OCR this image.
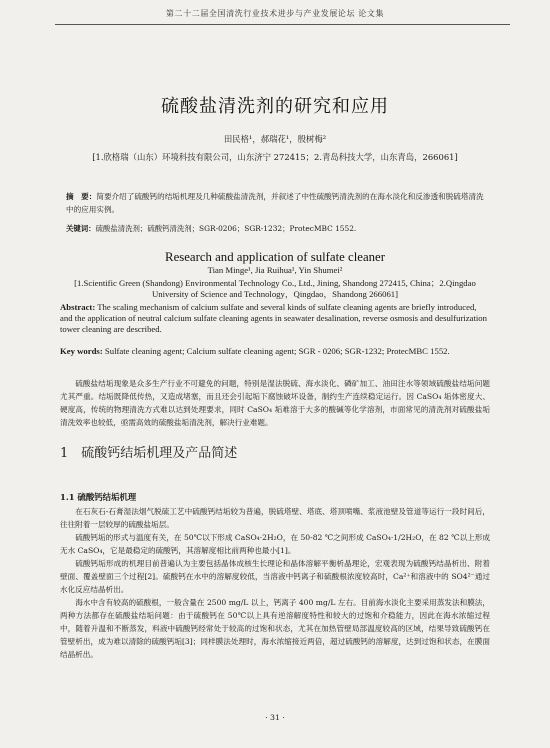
第二十二届全国清洗行业技术进步与产业发展论坛 论文集
硫酸盐清洗剂的研究和应用
田民格¹，郝瑞花¹，殷树梅²
[1.欣格瑞（山东）环境科技有限公司，山东济宁 272415；2.青岛科技大学，山东青岛，266061]
摘　要：简要介绍了硫酸钙的结垢机理及几种硫酸盐清洗剂，并叙述了中性硫酸钙清洗剂的在海水淡化和反渗透和脱硫塔清洗中的应用实例。
关键词：硫酸盐清洗剂；硫酸钙清洗剂；SGR-0206；SGR-1232；ProtecMBC 1552.
Research and application of sulfate cleaner
Tian Minge¹, Jia Ruihua¹, Yin Shumei²
[1.Scientific Green (Shandong) Environmental Technology Co., Ltd., Jining, Shandong 272415, China；2.Qingdao University of Science and Technology，Qingdao，Shandong 266061]
Abstract: The scaling mechanism of calcium sulfate and several kinds of sulfate cleaning agents are briefly introduced, and the application of neutral calcium sulfate cleaning agents in seawater desalination, reverse osmosis and desulfurization tower cleaning are described.
Key words: Sulfate cleaning agent; Calcium sulfate cleaning agent; SGR - 0206; SGR-1232; ProtecMBC 1552.

硫酸盐结垢现象是众多生产行业不可避免的问题，特别是湿法脱硫、海水淡化、磷矿加工、油田注水等领域硫酸盐结垢问题尤其严重。结垢既降低传热，又造成堵塞，而且还会引起垢下腐蚀破坏设备，制约生产连续稳定运行。因 CaSO₄ 垢体密度大、硬度高，传统的物理清洗方式难以达到处理要求，同时 CaSO₄ 垢难溶于大多的酸碱等化学溶剂，市面常见的清洗剂对硫酸盐垢清洗效率也较低，亟需高效的硫酸盐垢清洗剂，解决行业难题。

1　硫酸钙结垢机理及产品简述
1.1 硫酸钙结垢机理

在石灰石-石膏湿法烟气脱硫工艺中硫酸钙结垢较为普遍，脱硫塔壁、塔底、塔顶喷嘴、浆液池壁及管道等运行一段时间后，往往附着一层较厚的硫酸盐垢层。

硫酸钙垢的形式与温度有关，在 50℃以下形成 CaSO₄·2H₂O，在 50-82 ℃之间形成 CaSO₄·1/2H₂O，在 82 ℃以上形成无水 CaSO₄，它是最稳定的硫酸钙，其溶解度相比前两种也最小[1]。

硫酸钙垢形成的机理目前普遍认为主要包括晶体成核生长理论和晶体溶解平衡析晶理论，宏观表现为硫酸钙结晶析出、附着壁面、覆盖壁面三个过程[2]。硫酸钙在水中的溶解度较低，当溶液中钙离子和硫酸根浓度较高时，Ca²⁺和溶液中的 SO4²⁻通过水化反应结晶析出。

海水中含有较高的硫酸根，一般含量在 2500 mg/L 以上，钙离子 400 mg/L 左右。目前海水淡化主要采用蒸发法和膜法，两种方法都存在硫酸盐结垢问题：由于硫酸钙在 50℃以上具有逆溶解度特性和较大的过饱和介稳能力，因此在海水浓缩过程中，随着升温和不断蒸发，料液中硫酸钙经常处于较高的过饱和状态，尤其在加热管壁局部温度较高的区域，结果导致硫酸钙在管壁析出，成为难以清除的硫酸钙垢[3]；同样膜法处理时，海水浓缩接近两倍，超过硫酸钙的溶解度，达到过饱和状态，在膜面结晶析出。

· 31 ·
